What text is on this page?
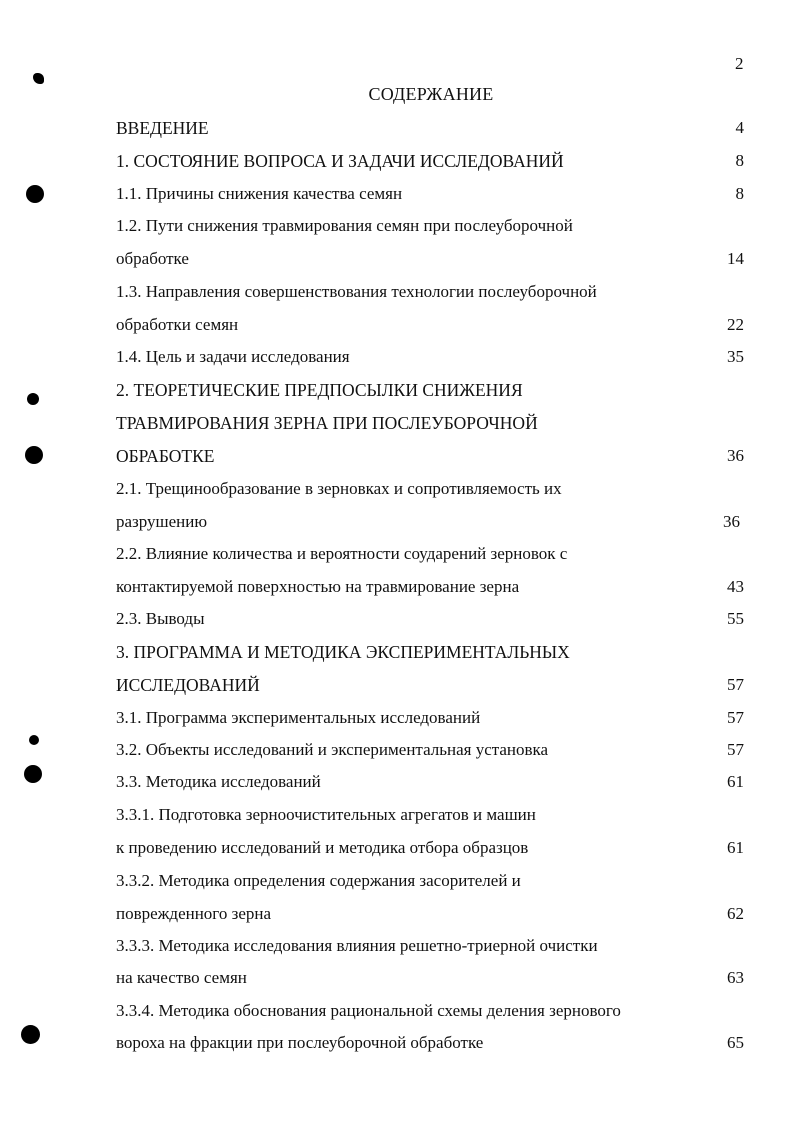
2
СОДЕРЖАНИЕ
ВВЕДЕНИЕ	4
1. СОСТОЯНИЕ ВОПРОСА И ЗАДАЧИ ИССЛЕДОВАНИЙ	8
1.1. Причины снижения качества семян	8
1.2. Пути снижения травмирования семян при послеуборочной
обработке	14
1.3. Направления совершенствования технологии послеуборочной
обработки семян	22
1.4. Цель и задачи исследования	35
2. ТЕОРЕТИЧЕСКИЕ ПРЕДПОСЫЛКИ СНИЖЕНИЯ
ТРАВМИРОВАНИЯ ЗЕРНА ПРИ ПОСЛЕУБОРОЧНОЙ
ОБРАБОТКЕ	36
2.1. Трещинообразование в зерновках и сопротивляемость их
разрушению	36
2.2. Влияние количества и вероятности соударений зерновок с
контактируемой поверхностью на травмирование зерна	43
2.3. Выводы	55
3. ПРОГРАММА И МЕТОДИКА ЭКСПЕРИМЕНТАЛЬНЫХ
ИССЛЕДОВАНИЙ	57
3.1. Программа экспериментальных исследований	57
3.2. Объекты исследований и экспериментальная установка	57
3.3. Методика исследований	61
3.3.1. Подготовка зерноочистительных агрегатов и машин
к проведению исследований и методика отбора образцов	61
3.3.2. Методика определения содержания засорителей и
поврежденного зерна	62
3.3.3. Методика исследования влияния решетно-триерной очистки
на качество семян	63
3.3.4. Методика обоснования рациональной схемы деления зернового
вороха на фракции при послеуборочной обработке	65
